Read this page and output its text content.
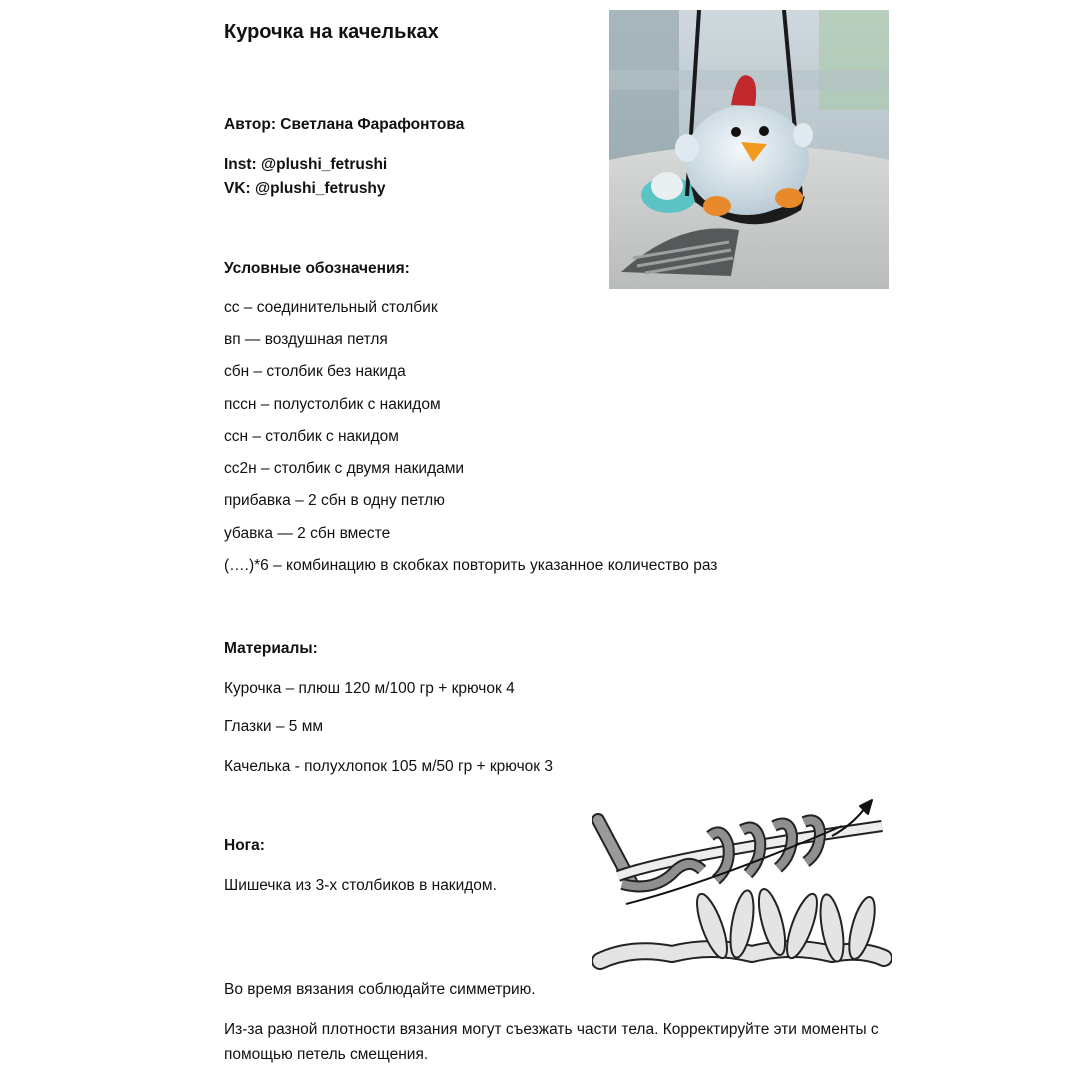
Курочка на качельках
Автор: Светлана Фарафонтова
Inst: @plushi_fetrushi
VK: @plushi_fetrushy
Условные обозначения:
сс – соединительный столбик
вп — воздушная петля
сбн – столбик без накида
пссн – полустолбик с накидом
ссн – столбик с накидом
сс2н – столбик с двумя накидами
прибавка – 2 сбн в одну петлю
убавка — 2 сбн вместе
(….)*6 – комбинацию в скобках повторить указанное количество раз
Материалы:
Курочка – плюш 120 м/100 гр + крючок 4
Глазки – 5 мм
Качелька - полухлопок 105 м/50 гр + крючок 3
Нога:
Шишечка из 3-х столбиков в накидом.
Во время вязания соблюдайте симметрию.
Из-за разной плотности вязания могут съезжать части тела. Корректируйте эти моменты с помощью петель смещения.
